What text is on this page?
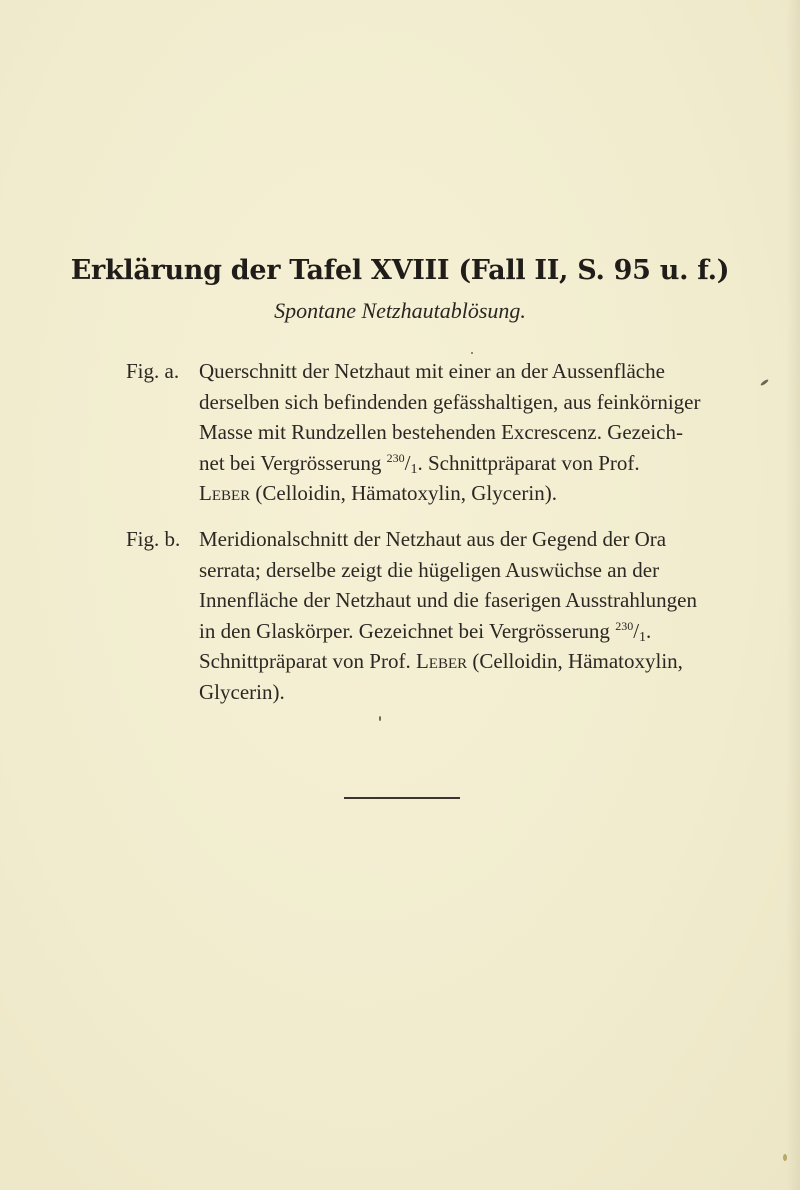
Erklärung der Tafel XVIII (Fall II, S. 95 u. f.)
Spontane Netzhautablösung.
Fig. a. Querschnitt der Netzhaut mit einer an der Aussenfläche
derselben sich befindenden gefässhaltigen, aus feinkörniger
Masse mit Rundzellen bestehenden Excrescenz. Gezeich-
net bei Vergrösserung $^{230}$/1. Schnittpräparat von Prof.
Leber (Celloidin, Hämatoxylin, Glycerin).
Fig. b. Meridionalschnitt der Netzhaut aus der Gegend der Ora
serrata; derselbe zeigt die hügeligen Auswüchse an der
Innenfläche der Netzhaut und die faserigen Ausstrahlungen
in den Glaskörper. Gezeichnet bei Vergrösserung $^{230}$/1.
Schnittpräparat von Prof. Leber (Celloidin, Hämatoxylin,
Glycerin).
